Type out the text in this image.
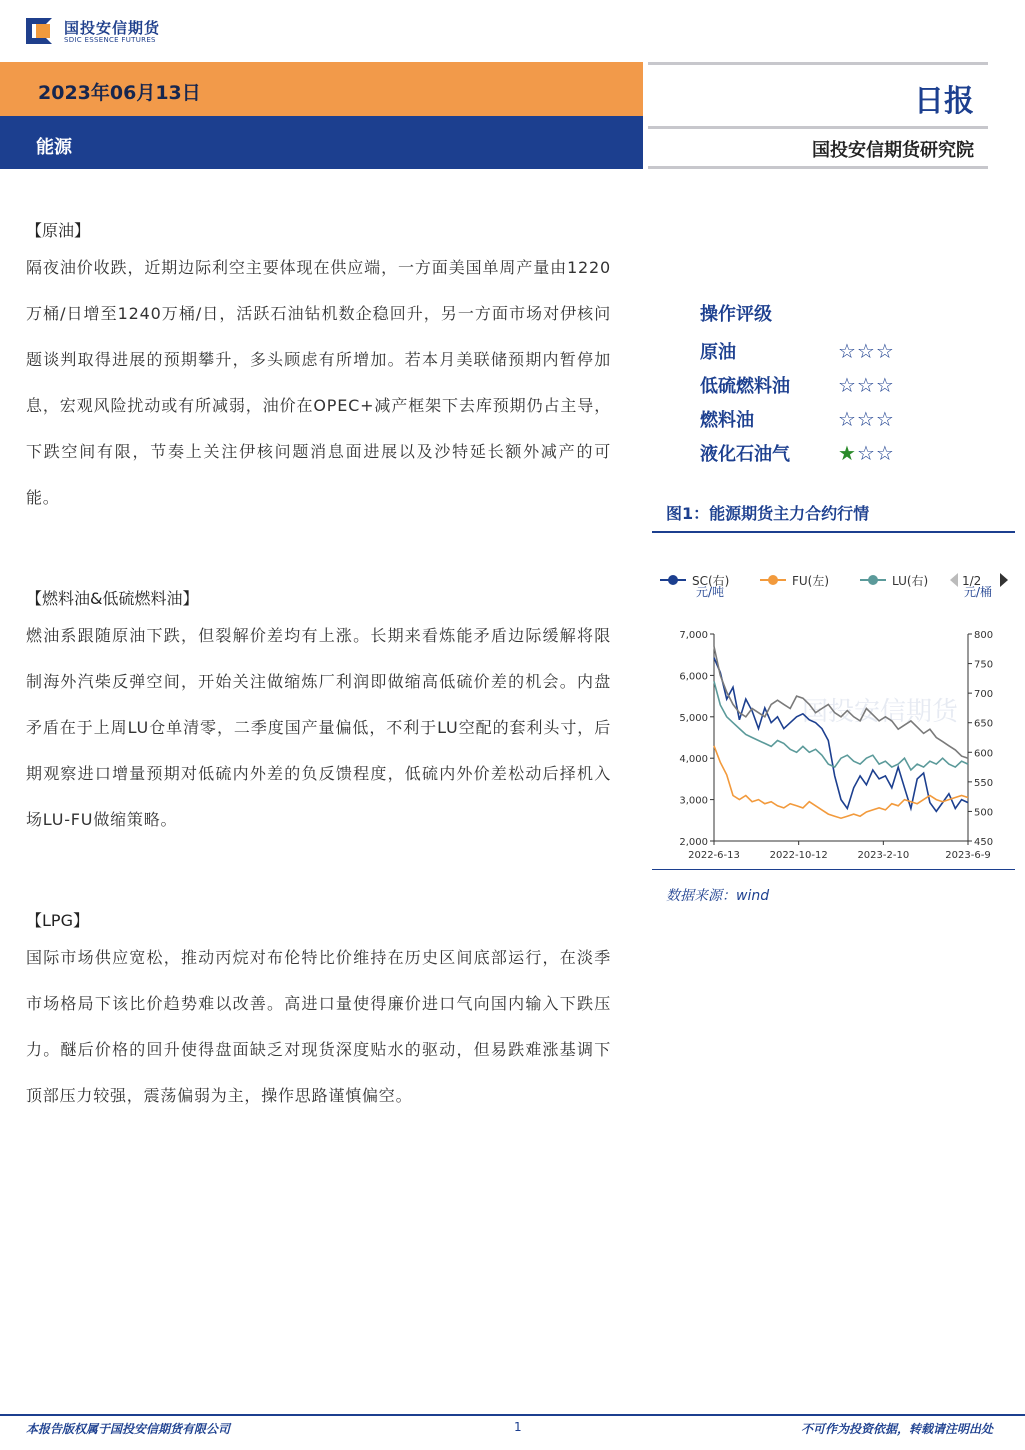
国投安信期货
SDIC ESSENCE FUTURES
2023年06月13日
能源
日报
国投安信期货研究院
【原油】
隔夜油价收跌，近期边际利空主要体现在供应端，一方面美国单周产量由1220万桶/日增至1240万桶/日，活跃石油钻机数企稳回升，另一方面市场对伊核问题谈判取得进展的预期攀升，多头顾虑有所增加。若本月美联储预期内暂停加息，宏观风险扰动或有所减弱，油价在OPEC+减产框架下去库预期仍占主导，下跌空间有限，节奏上关注伊核问题消息面进展以及沙特延长额外减产的可能。
【燃料油&低硫燃料油】
燃油系跟随原油下跌，但裂解价差均有上涨。长期来看炼能矛盾边际缓解将限制海外汽柴反弹空间，开始关注做缩炼厂利润即做缩高低硫价差的机会。内盘矛盾在于上周LU仓单清零，二季度国产量偏低，不利于LU空配的套利头寸，后期观察进口增量预期对低硫内外差的负反馈程度，低硫内外价差松动后择机入场LU-FU做缩策略。
【LPG】
国际市场供应宽松，推动丙烷对布伦特比价维持在历史区间底部运行，在淡季市场格局下该比价趋势难以改善。高进口量使得廉价进口气向国内输入下跌压力。醚后价格的回升使得盘面缺乏对现货深度贴水的驱动，但易跌难涨基调下顶部压力较强，震荡偏弱为主，操作思路谨慎偏空。
操作评级
原油	☆☆☆
低硫燃料油	☆☆☆
燃料油	☆☆☆
液化石油气	★☆☆
图1：能源期货主力合约行情
SC(右)	FU(左)	LU(右)	1/2
元/吨	元/桶
国投安信期货
7,000
6,000
5,000
4,000
3,000
2,000
800
750
700
650
600
550
500
450
2022-6-13	2022-10-12	2023-2-10	2023-6-9
数据来源：wind
本报告版权属于国投安信期货有限公司	1	不可作为投资依据，转载请注明出处
